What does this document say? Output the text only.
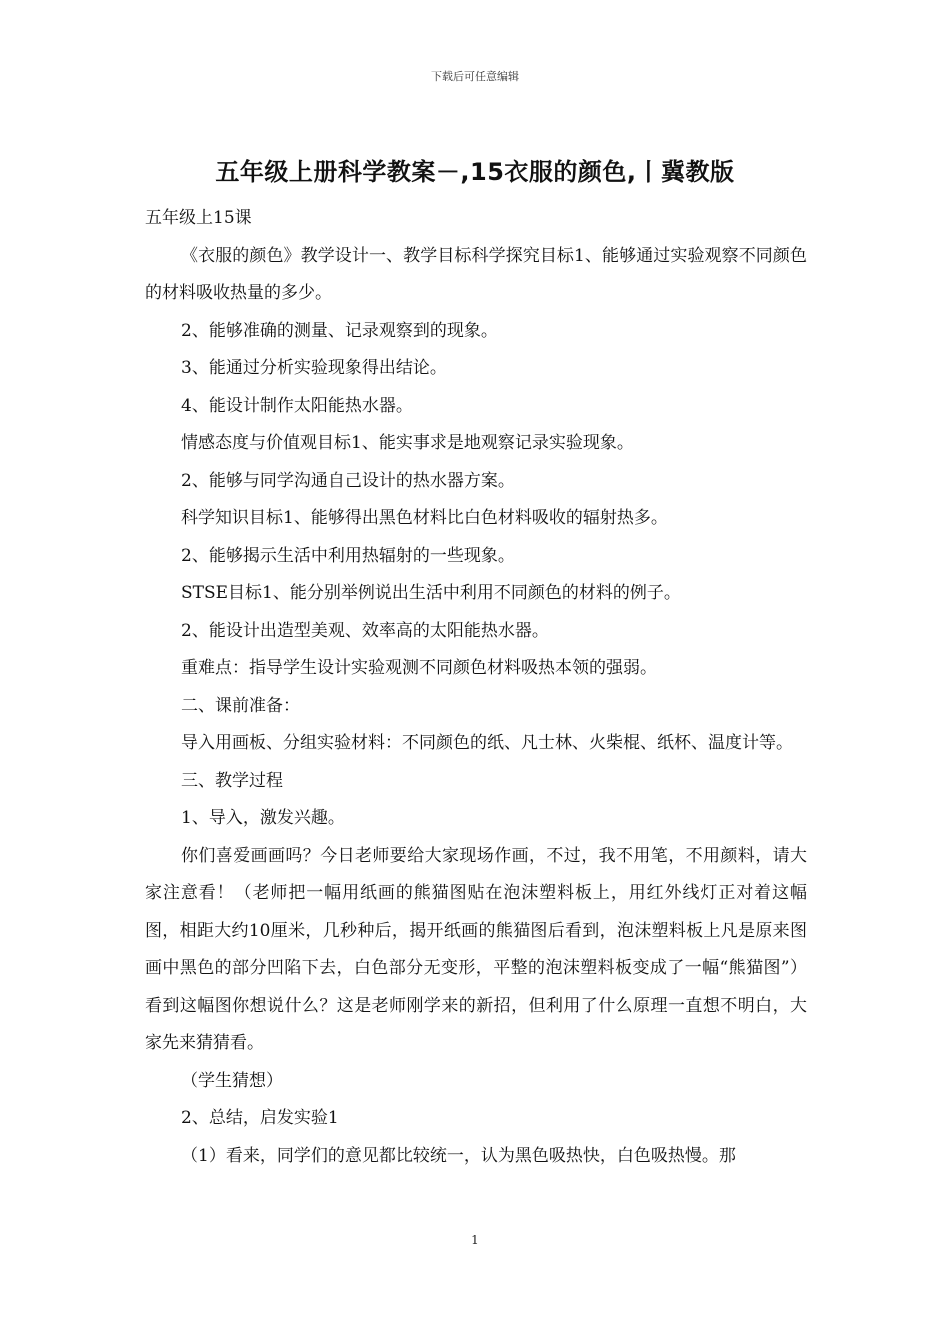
下载后可任意编辑
五年级上册科学教案－,15衣服的颜色,丨冀教版

五年级上15课

《衣服的颜色》教学设计一、教学目标科学探究目标1、能够通过实验观察不同颜色的材料吸收热量的多少。

2、能够准确的测量、记录观察到的现象。

3、能通过分析实验现象得出结论。

4、能设计制作太阳能热水器。

情感态度与价值观目标1、能实事求是地观察记录实验现象。

2、能够与同学沟通自己设计的热水器方案。

科学知识目标1、能够得出黑色材料比白色材料吸收的辐射热多。

2、能够揭示生活中利用热辐射的一些现象。

STSE目标1、能分别举例说出生活中利用不同颜色的材料的例子。

2、能设计出造型美观、效率高的太阳能热水器。

重难点：指导学生设计实验观测不同颜色材料吸热本领的强弱。

二、课前准备：

导入用画板、分组实验材料：不同颜色的纸、凡士林、火柴棍、纸杯、温度计等。

三、教学过程

1、导入，激发兴趣。

你们喜爱画画吗？今日老师要给大家现场作画，不过，我不用笔，不用颜料，请大家注意看！（老师把一幅用纸画的熊猫图贴在泡沫塑料板上，用红外线灯正对着这幅图，相距大约10厘米，几秒种后，揭开纸画的熊猫图后看到，泡沫塑料板上凡是原来图画中黑色的部分凹陷下去，白色部分无变形，平整的泡沫塑料板变成了一幅“熊猫图”）看到这幅图你想说什么？这是老师刚学来的新招，但利用了什么原理一直想不明白，大家先来猜猜看。

（学生猜想）

2、总结，启发实验1

（1）看来，同学们的意见都比较统一，认为黑色吸热快，白色吸热慢。那

1
